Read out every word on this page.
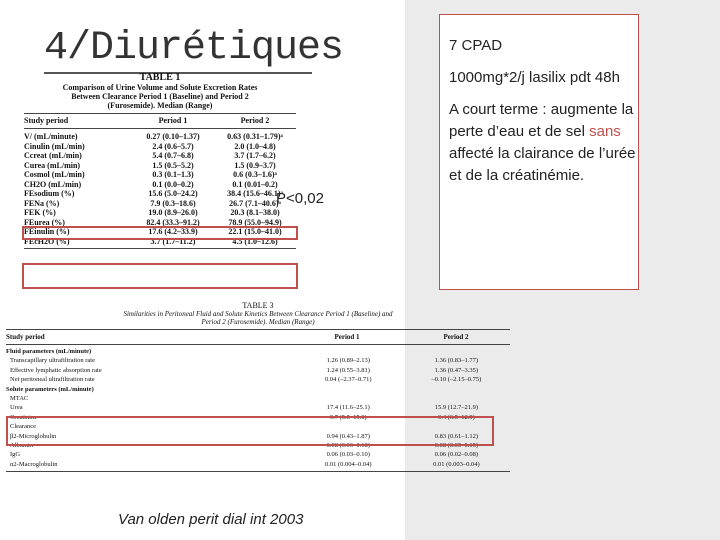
4/Diurétiques
TABLE 1
Comparison of Urine Volume and Solute Excretion Rates
Between Clearance Period 1 (Baseline) and Period 2
(Furosemide). Median (Range)
Study period	Period 1	Period 2
V/ (mL/minute)	0.27 (0.10–1.37)	0.63 (0.31–1.79)ᵃ
Cinulin (mL/min)	2.4 (0.6–5.7)	2.0 (1.0–4.8)
Ccreat (mL/min)	5.4 (0.7–6.8)	3.7 (1.7–6.2)
Curea (mL/min)	1.5 (0.5–5.2)	1.5 (0.9–3.7)
Cosmol (mL/min)	0.3 (0.1–1.3)	0.6 (0.3–1.6)ᵃ
CH2O (mL/min)	0.1 (0.0–0.2)	0.1 (0.01–0.2)
FEsodium (%)	15.6 (5.0–24.2)	38.4 (15.6–46.1)ᵃ
FENa (%)	7.9 (0.3–18.6)	26.7 (7.1–40.6)ᵃ
FEK (%)	19.0 (8.9–26.0)	20.3 (8.1–38.0)
FEurea (%)	82.4 (33.3–91.2)	78.9 (55.0–94.9)
FEinulin (%)	17.6 (4.2–33.9)	22.1 (15.0–41.0)
FEcH2O (%)	3.7 (1.7–11.2)	4.5 (1.0–12.6)
TABLE 3
Similarities in Peritoneal Fluid and Solute Kinetics Between Clearance Period 1 (Baseline) and
Period 2 (Furosemide). Median (Range)
Study period	Period 1	Period 2
Fluid parameters (mL/minute)
Transcapillary ultrafiltration rate	1.26 (0.89–2.13)	1.36 (0.83–1.77)
Effective lymphatic absorption rate	1.24 (0.55–3.81)	1.36 (0.47–3.35)
Net peritoneal ultrafiltration rate	0.04 (–2.37–0.71)	–0.10 (–2.15–0.75)
Solute parameters (mL/minute)
MTAC
Urea	17.4 (11.6–25.1)	15.9 (12.7–21.9)
Creatinine	9.7 (5.5–15.0)	9.4 (6.5–12.9)
Clearance
β2-Microglobulin	0.94 (0.43–1.87)	0.83 (0.61–1.12)
Albumin	0.08 (0.06–0.18)	0.08 (0.05–0.15)
IgG	0.06 (0.03–0.10)	0.06 (0.02–0.08)
α2-Macroglobulin	0.01 (0.004–0.04)	0.01 (0.003–0.04)
P<0,02
Van olden perit dial int 2003

7 CPAD

1000mg*2/j lasilix pdt 48h

A court terme : augmente la perte d’eau et de sel sans affecté la clairance de l’urée et de la créatinémie.
